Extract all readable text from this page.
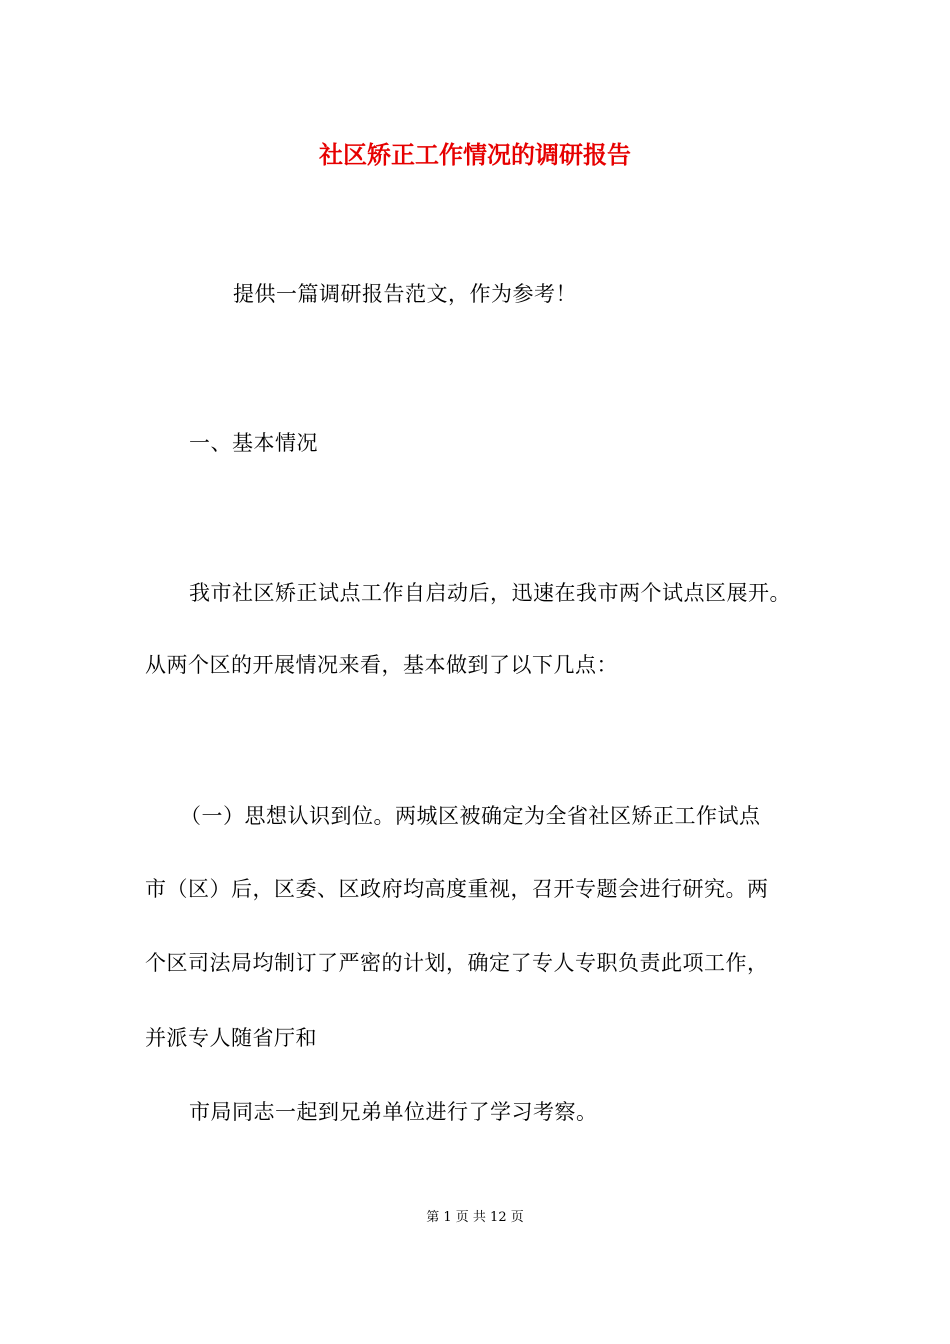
社区矫正工作情况的调研报告
提供一篇调研报告范文，作为参考！
一、基本情况
我市社区矫正试点工作自启动后，迅速在我市两个试点区展开。
从两个区的开展情况来看，基本做到了以下几点：
（一）思想认识到位。两城区被确定为全省社区矫正工作试点
市（区）后，区委、区政府均高度重视，召开专题会进行研究。两
个区司法局均制订了严密的计划，确定了专人专职负责此项工作，
并派专人随省厅和
市局同志一起到兄弟单位进行了学习考察。
第 1 页 共 12 页
